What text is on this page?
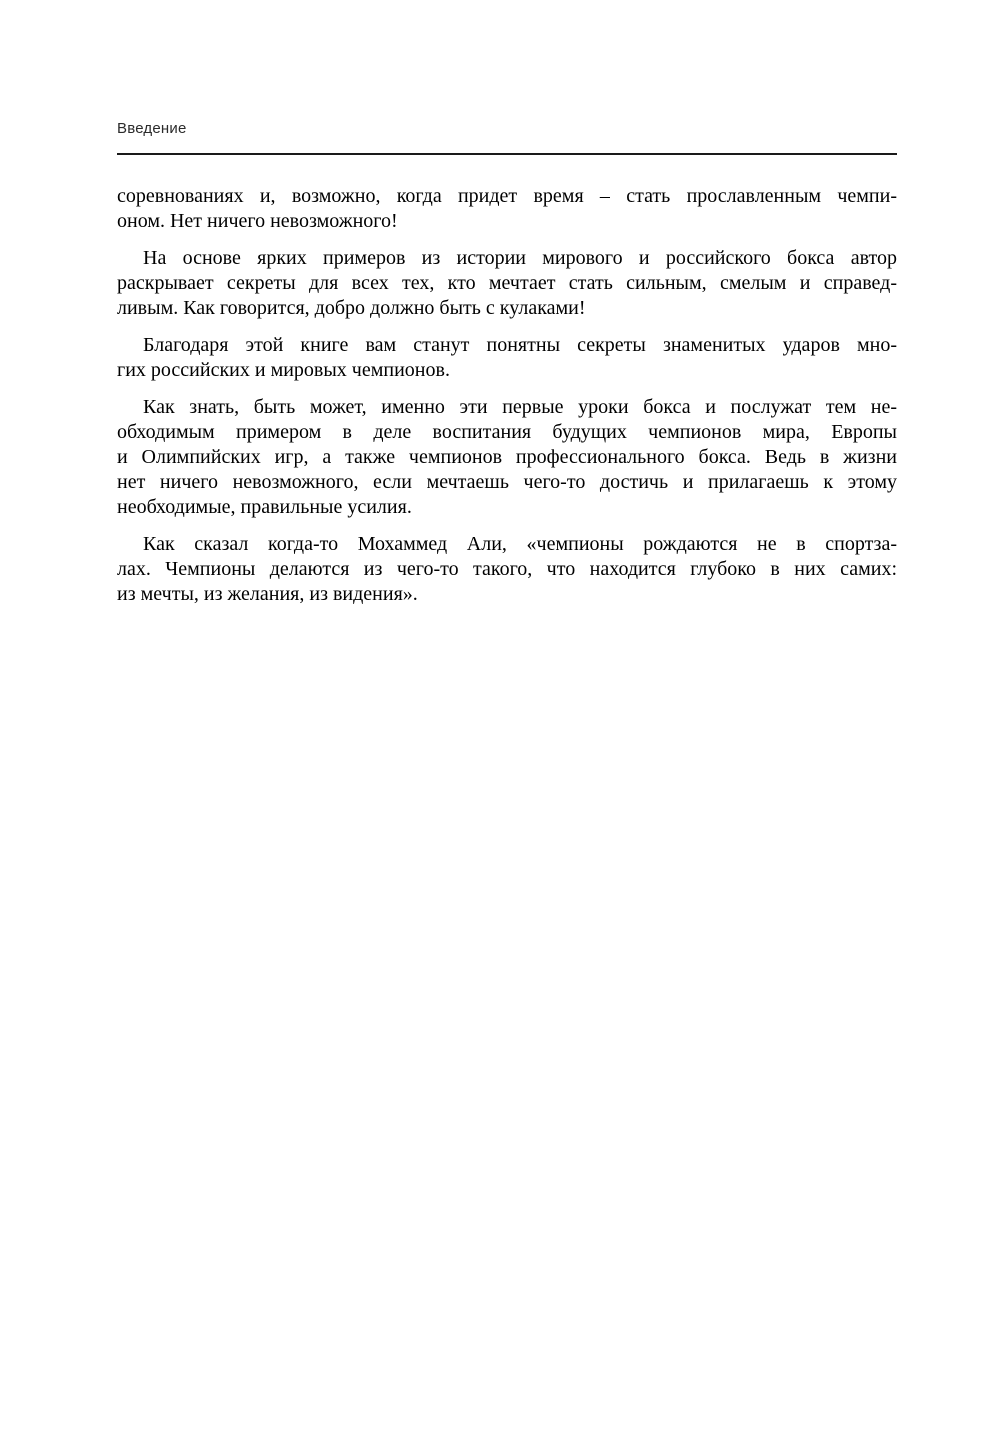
Введение
соревнованиях и, возможно, когда придет время – стать прославленным чемпи-
оном. Нет ничего невозможного!
На основе ярких примеров из истории мирового и российского бокса автор
раскрывает секреты для всех тех, кто мечтает стать сильным, смелым и справед-
ливым. Как говорится, добро должно быть с кулаками!
Благодаря этой книге вам станут понятны секреты знаменитых ударов мно-
гих российских и мировых чемпионов.
Как знать, быть может, именно эти первые уроки бокса и послужат тем не-
обходимым примером в деле воспитания будущих чемпионов мира, Европы
и Олимпийских игр, а также чемпионов профессионального бокса. Ведь в жизни
нет ничего невозможного, если мечтаешь чего-то достичь и прилагаешь к этому
необходимые, правильные усилия.
Как сказал когда-то Мохаммед Али, «чемпионы рождаются не в спортза-
лах. Чемпионы делаются из чего-то такого, что находится глубоко в них самих:
из мечты, из желания, из видения».
